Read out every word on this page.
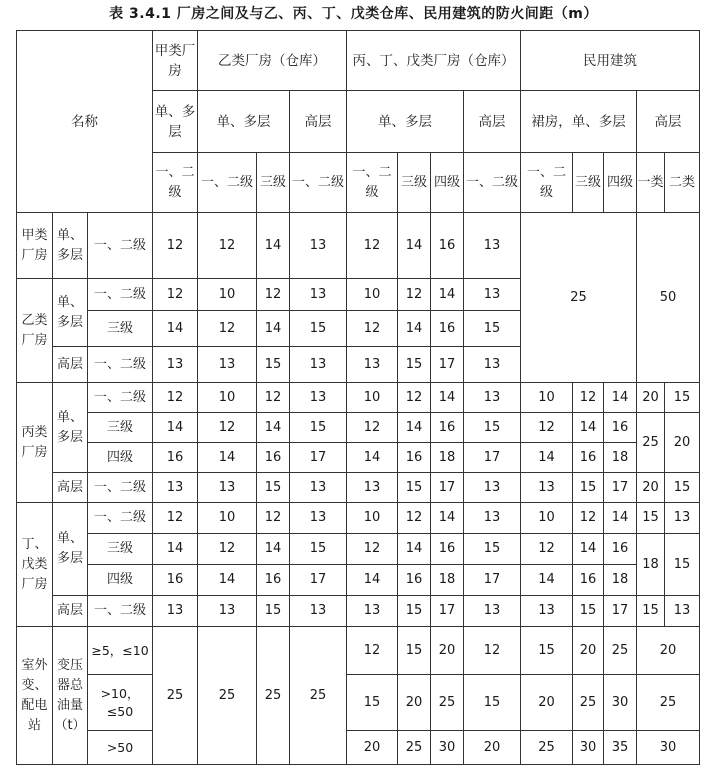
表 3.4.1 厂房之间及与乙、丙、丁、戊类仓库、民用建筑的防火间距（m）
名称			甲类厂房	乙类厂房（仓库）			丙、丁、戊类厂房（仓库）				民用建筑				
			单、多层	单、多层		高层	单、多层			高层	裙房，单、多层			高层	
			一、二级	一、二级	三级	一、二级	一、二级	三级	四级	一、二级	一、二级	三级	四级	一类	二类
甲类厂房	单、多层	一、二级	12	12	14	13	12	14	16	13	25			50	
乙类厂房	单、多层	一、二级	12	10	12	13	10	12	14	13					
		三级	14	12	14	15	12	14	16	15					
	高层	一、二级	13	13	15	13	13	15	17	13					
丙类厂房	单、多层	一、二级	12	10	12	13	10	12	14	13	10	12	14	20	15
		三级	14	12	14	15	12	14	16	15	12	14	16	25	20
		四级	16	14	16	17	14	16	18	17	14	16	18		
	高层	一、二级	13	13	15	13	13	15	17	13	13	15	17	20	15
丁、戊类厂房	单、多层	一、二级	12	10	12	13	10	12	14	13	10	12	14	15	13
		三级	14	12	14	15	12	14	16	15	12	14	16	18	15
		四级	16	14	16	17	14	16	18	17	14	16	18		
	高层	一、二级	13	13	15	13	13	15	17	13	13	15	17	15	13
室外变、配电站	变压器总油量（t）	≥5，≤10	25	25	25	25	12	15	20	12	15	20	25	20	
		>10，≤50					15	20	25	15	20	25	30	25	
		>50					20	25	30	20	25	30	35	30	
